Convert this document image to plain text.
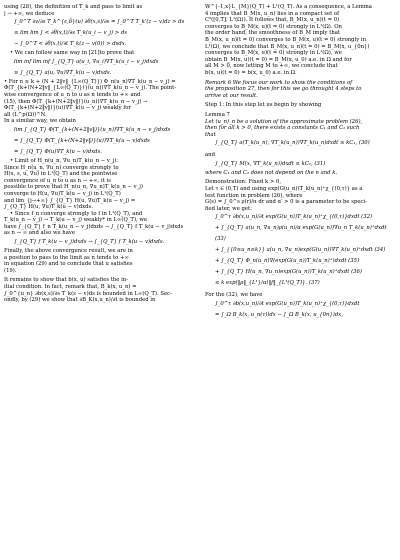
using (28), the definition of T_k and pass to limit as
j → +∞, we deduce
∫_0^T ∂v/∂s T_k^{ε,δ}(u) ∂θ(x,s)/∂s = ∫_0^T T_k'(z − v)dz > ds
≤ lim lim ∫ < ∂θ(x,t)/∂s T_k(u_i − v_j) > ds
− ∫_0^T < ∂θ(x,t)/∂t T_k(z − v(0)) > dsdx.
• We can follow same way in [21]to prove that
lim inf lim inf ∫_{Q_T} a(u_i, ∇u_i)∇T_k(u_i − v_j)dxds
≥ ∫_{Q_T} a(u, ∇u)∇T_k(u − v)dxds.
• For n ≥ k + (N + 2‖v‖_{L∞(Q_T)}) Φ_n(u_n)∇T_k(u_n − v_j) =
Φ(T_{k+(N+2‖v‖_{L∞(Q_T)})}(u_n))∇T_k(u_n − v_j). The point-
wise convergence of u_n to u as n tends to +∞ and
(15), then Φ(T_{k+(N+2‖v‖)}(u_n))∇T_k(u_n − v_j) →
Φ(T_{k+(N+2‖v‖)}(u))∇T_k(u − v_j) weakly for
all (L^p(Ω))^N.
In a similar way, we obtain
lim ∫_{Q_T} Φ(T_{k+(N+2‖v‖)}(u_n))∇T_k(u_n − v_j)dxds
= ∫_{Q_T} Φ(T_{k+(N+2‖v‖)}(u))∇T_k(u − v)dxds
= ∫_{Q_T} Φ(u)∇T_k(u − v)dxds.
• Limit of H_n(u_n, ∇u_n)T_k(u_n − v_j):
Since H_n(u_n, ∇u_n) converge strongly to
H(x, s, u, ∇u) in L¹(Q_T) and the pointwise
convergence of u_n to u as n → +∞, it is
possible to prove that H_n(u_n, ∇u_n)T_k(u_n − v_j)
converge to H(u, ∇u)T_k(u − v_j) in L¹(Q_T)
and lim_{j→+∞} ∫_{Q_T} H(u, ∇u)T_k(u − v_j) =
∫_{Q_T} H(u, ∇u)T_k(u − v)dxds.
• Since f_n converge strongly to f in L¹(Q_T), and
T_k(u_n − v_j) → T_k(u − v_j) weakly* in L∞(Q_T), we
have ∫_{Q_T} f_n T_k(u_n − v_j)dxds → ∫_{Q_T} f T_k(u − v_j)dxds
as n → ∞ and also we have
∫_{Q_T} f T_k(u − v_j)dxds → ∫_{Q_T} f T_k(u − v)dxds.
Finally, the above convergence result, we are in
a position to pass to the limit as n tends to +∞
in equation (29) and to conclude that u satisfies
(19).
It remains to show that b(x, u) satisfies the in-
itial condition. In fact, remark that, B_k(x, u_n) =
∫_0^{u_n} ∂b(x,s)/∂s T_k(s − v)ds is bounded in L∞(Q_T). Sec-
ondly, by (29) we show that ∂B_K(x,u_n)/∂t is bounded in
W^{-1,x}L_{M̄}(Q_T) + L¹(Q_T). As a consequence, a Lemma
4 implies that B_M(x, u_n) lies in a compact set of
C⁰([0,T]; L¹(Ω)). It follows that, B_M(x, u_n)(t = 0)
converges to B_M(x, u)(t = 0) strongly in L¹(Ω). On
the order hand, the smoothness of B_M imply that
B_M(x, u_n)(t = 0) converges to B_M(x, u)(t = 0) strongly in
L¹(Ω), we conclude that B_M(x, u_n)(t = 0) = B_M(x, u_{0n})
converges to B_M(x, u)(t = 0) strongly in L¹(Ω), we
obtain B_M(x, u)(t = 0) = B_M(x, u_0) a.e. in Ω and for
all M > 0, now letting M to +∞, we conclude that
b(x, u)(t = 0) = b(x, u_0) a.e. in Ω.
Remark 6 We focus our work to show the conditions of
the proposition 27, then for this we go throught 4 steps to
arrive at our result.
Step 1: In this step let us begin by showing
Lemma 7
Let (u_n)_n be a solution of the approximate problem (26),
then for all k > 0, there exists a constants C₁ and C₂ such
that
∫_{Q_T} a(T_k(u_n), ∇T_k(u_n))∇T_k(u_n)dxdt ≤ kC₁, (30)
and
∫_{Q_T} M(x, ∇T_k(u_n))dxdt ≤ kC₂, (31)
where C₁ and C₂ does not depend on the n and k.
Démonstration: Fixed k > 0,
Let τ ∈ (0,T) and using exp(G(u_n))T_k(u_n)⁺χ_{(0,τ)} as a
test function in problem (26), where
G(s) = ∫_0^s ρ(r)/α dr and α′ > 0 is a parameter to be speci-
fied later, we get:
∫_0^τ ∂b(x,u_n)/∂t exp(G(u_n))T_k(u_n)⁺χ_{(0,τ)}dxdt (32)
+ ∫_{Q_T} a(u_n, ∇u_n)ρ(u_n)/α exp(G(u_n))∇u_n T_k(u_n)⁺dxdt
(33)
+ ∫_{{0≤u_n≤k}} a(u_n, ∇u_n)exp(G(u_n))∇T_k(u_n)⁺dxdt (34)
+ ∫_{Q_T} Φ_n(u_n)∇(exp(G(u_n))T_k(u_n)⁺)dxdt (35)
+ ∫_{Q_T} H(u_n, ∇u_n)exp(G(u_n))T_k(u_n)⁺dxdt (36)
≤ k exp(‖ρ‖_{L¹}/α)‖f‖_{L¹(Q_T)}. (37)
For the (32), we have
∫_0^τ ∂b(x,u_n)/∂t exp(G(u_n))T_k(u_n)⁺χ_{(0,τ)}dxdt
= ∫_Ω B_k(x, u_n(τ))dx − ∫_Ω B_k(x, u_{0n})dx,
